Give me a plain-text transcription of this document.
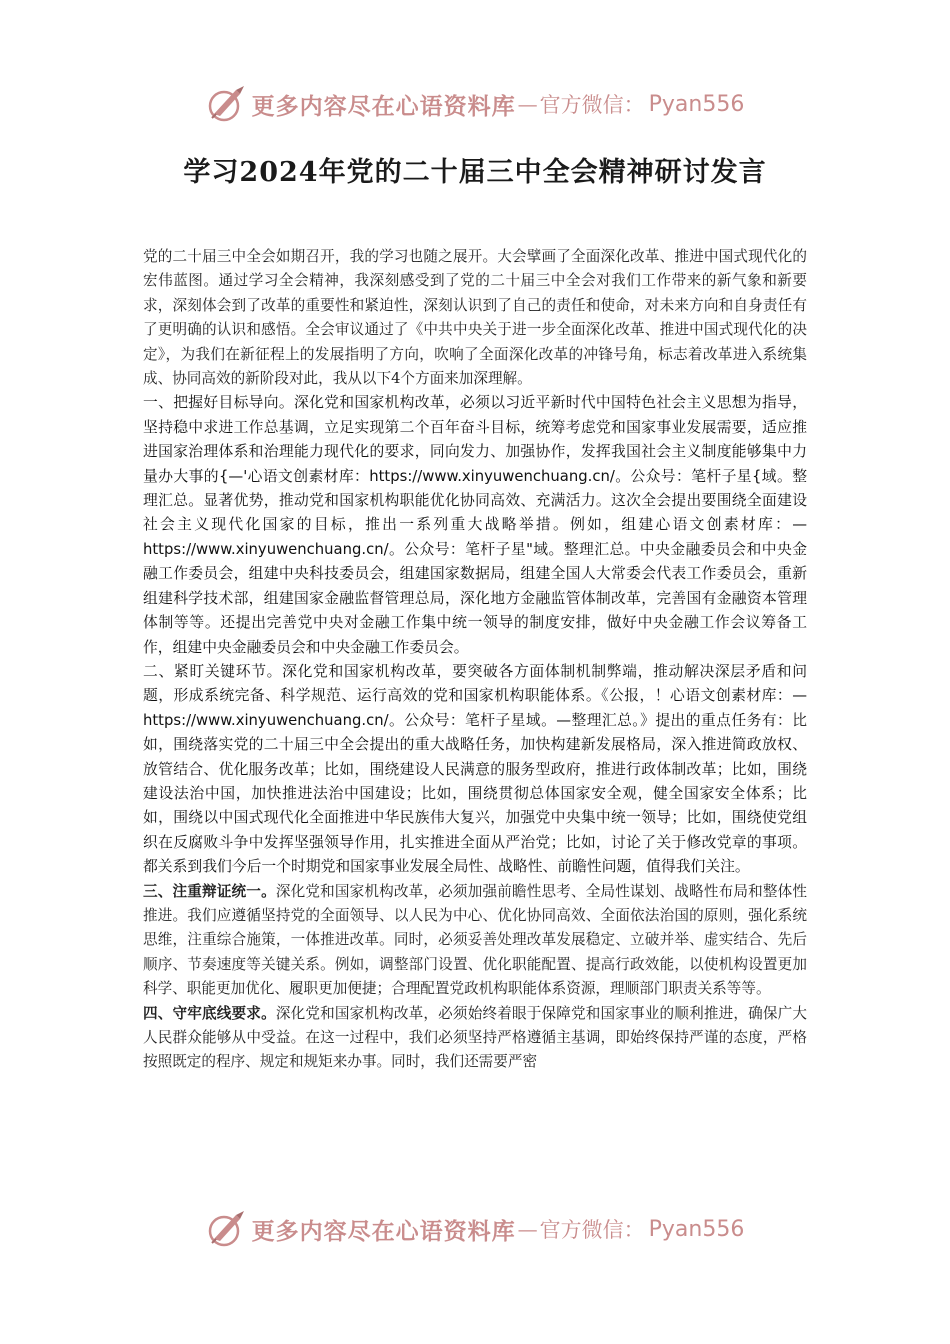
更多内容尽在心语资料库 — 官方微信： Pyan556
学习2024年党的二十届三中全会精神研讨发言

党的二十届三中全会如期召开，我的学习也随之展开。大会擘画了全面深化改革、推进中国式现代化的宏伟蓝图。通过学习全会精神，我深刻感受到了党的二十届三中全会对我们工作带来的新气象和新要求，深刻体会到了改革的重要性和紧迫性，深刻认识到了自己的责任和使命，对未来方向和自身责任有了更明确的认识和感悟。全会审议通过了《中共中央关于进一步全面深化改革、推进中国式现代化的决定》，为我们在新征程上的发展指明了方向，吹响了全面深化改革的冲锋号角，标志着改革进入系统集成、协同高效的新阶段对此，我从以下4个方面来加深理解。

一、把握好目标导向。深化党和国家机构改革，必须以习近平新时代中国特色社会主义思想为指导，坚持稳中求进工作总基调，立足实现第二个百年奋斗目标，统筹考虑党和国家事业发展需要，适应推进国家治理体系和治理能力现代化的要求，同向发力、加强协作，发挥我国社会主义制度能够集中力量办大事的{—'心语文创素材库：https://www.xinyuwenchuang.cn/。公众号：笔杆子星{域。整理汇总。显著优势，推动党和国家机构职能优化协同高效、充满活力。这次全会提出要围绕全面建设社会主义现代化国家的目标，推出一系列重大战略举措。例如，组建心语文创素材库：—https://www.xinyuwenchuang.cn/。公众号：笔杆子星"域。整理汇总。中央金融委员会和中央金融工作委员会，组建中央科技委员会，组建国家数据局，组建全国人大常委会代表工作委员会，重新组建科学技术部，组建国家金融监督管理总局，深化地方金融监管体制改革，完善国有金融资本管理体制等等。还提出完善党中央对金融工作集中统一领导的制度安排，做好中央金融工作会议筹备工作，组建中央金融委员会和中央金融工作委员会。

二、紧盯关键环节。深化党和国家机构改革，要突破各方面体制机制弊端，推动解决深层矛盾和问题，形成系统完备、科学规范、运行高效的党和国家机构职能体系。《公报，！心语文创素材库：—https://www.xinyuwenchuang.cn/。公众号：笔杆子星域。—整理汇总。》提出的重点任务有：比如，围绕落实党的二十届三中全会提出的重大战略任务，加快构建新发展格局，深入推进简政放权、放管结合、优化服务改革；比如，围绕建设人民满意的服务型政府，推进行政体制改革；比如，围绕建设法治中国，加快推进法治中国建设；比如，围绕贯彻总体国家安全观，健全国家安全体系；比如，围绕以中国式现代化全面推进中华民族伟大复兴，加强党中央集中统一领导；比如，围绕使党组织在反腐败斗争中发挥坚强领导作用，扎实推进全面从严治党；比如，讨论了关于修改党章的事项。都关系到我们今后一个时期党和国家事业发展全局性、战略性、前瞻性问题，值得我们关注。

三、注重辩证统一。深化党和国家机构改革，必须加强前瞻性思考、全局性谋划、战略性布局和整体性推进。我们应遵循坚持党的全面领导、以人民为中心、优化协同高效、全面依法治国的原则，强化系统思维，注重综合施策，一体推进改革。同时，必须妥善处理改革发展稳定、立破并举、虚实结合、先后顺序、节奏速度等关键关系。例如，调整部门设置、优化职能配置、提高行政效能，以使机构设置更加科学、职能更加优化、履职更加便捷；合理配置党政机构职能体系资源，理顺部门职责关系等等。

四、守牢底线要求。深化党和国家机构改革，必须始终着眼于保障党和国家事业的顺利推进，确保广大人民群众能够从中受益。在这一过程中，我们必须坚持严格遵循主基调，即始终保持严谨的态度，严格按照既定的程序、规定和规矩来办事。同时，我们还需要严密

更多内容尽在心语资料库 — 官方微信： Pyan556
